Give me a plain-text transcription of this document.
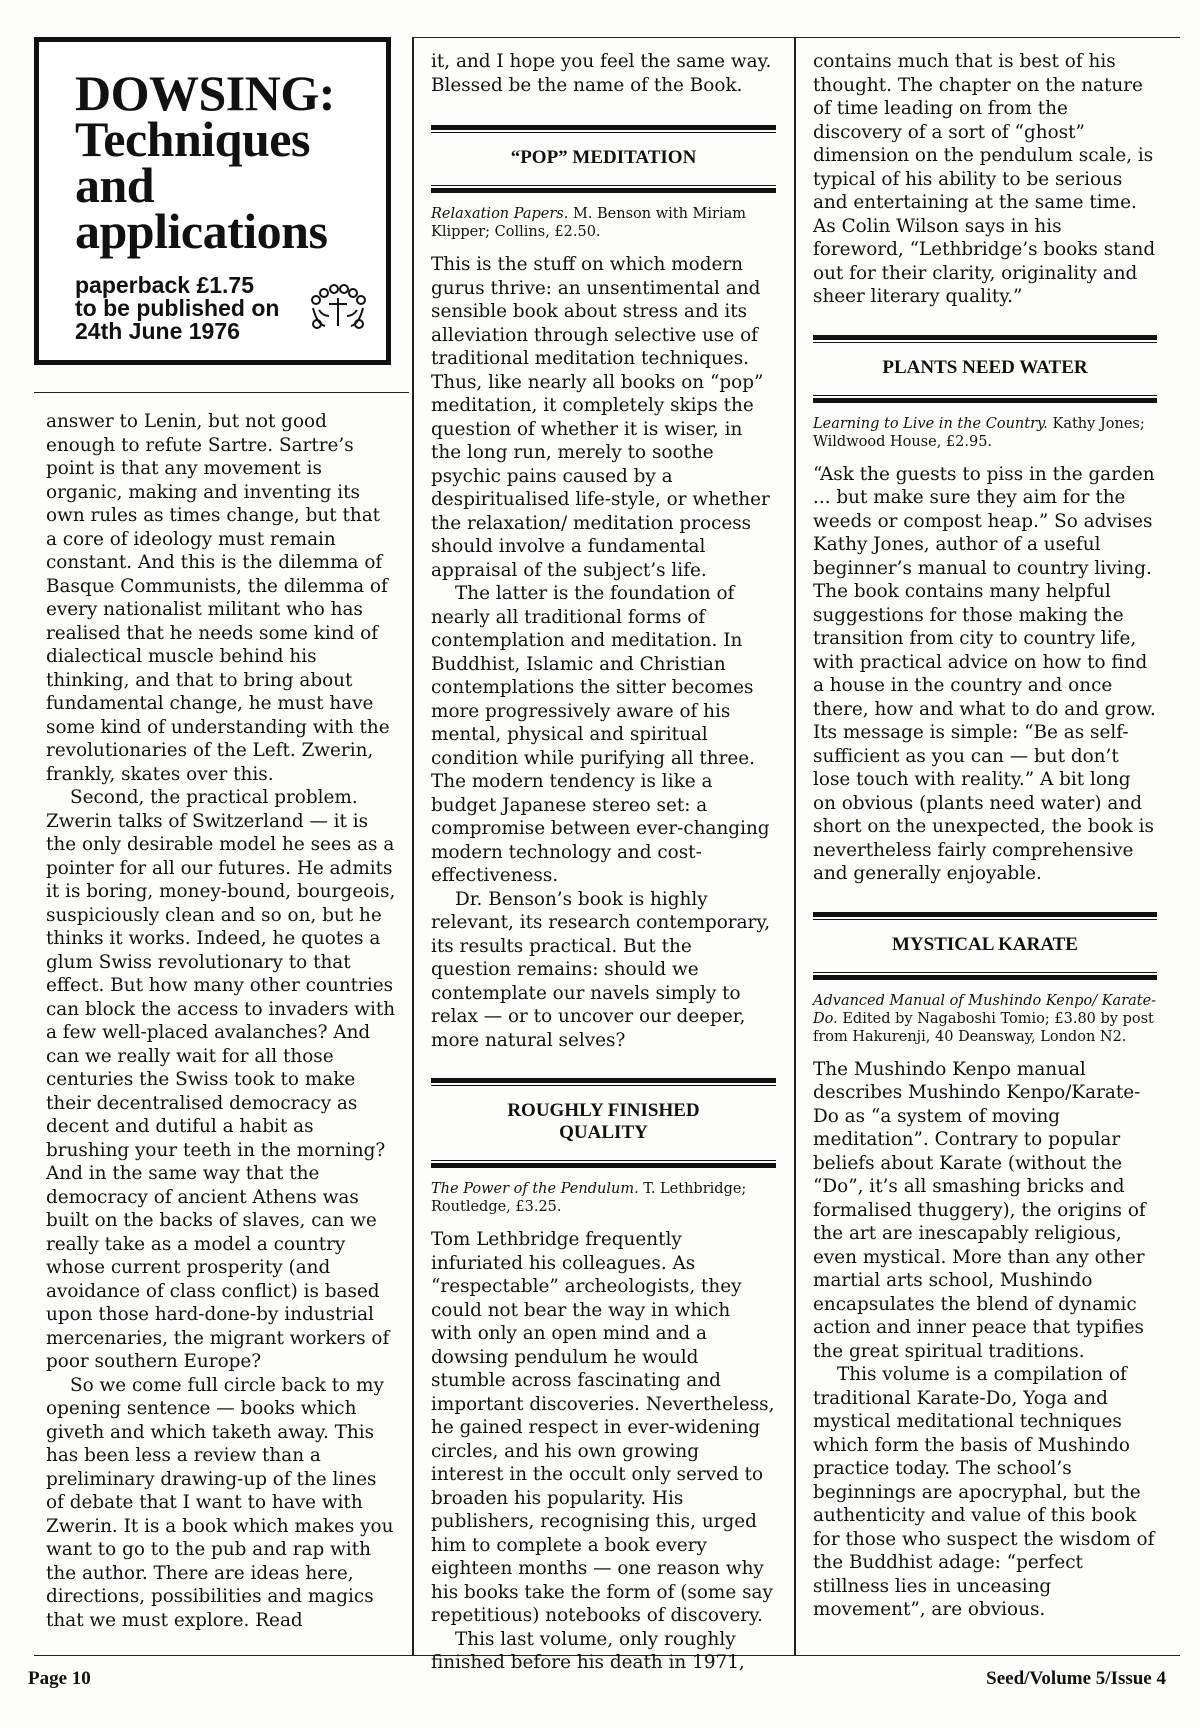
DOWSING:
Techniques
and
applications
paperback £1.75
to be published on
24th June 1976

answer to Lenin, but not good enough to refute Sartre. Sartre’s point is that any movement is organic, making and inventing its own rules as times change, but that a core of ideology must remain constant. And this is the dilemma of Basque Communists, the dilemma of every nationalist militant who has realised that he needs some kind of dialectical muscle behind his thinking, and that to bring about fundamental change, he must have some kind of understanding with the revolutionaries of the Left. Zwerin, frankly, skates over this.

Second, the practical problem. Zwerin talks of Switzerland — it is the only desirable model he sees as a pointer for all our futures. He admits it is boring, money-bound, bourgeois, suspiciously clean and so on, but he thinks it works. Indeed, he quotes a glum Swiss revolutionary to that effect. But how many other countries can block the access to invaders with a few well-placed avalanches? And can we really wait for all those centuries the Swiss took to make their decentralised democracy as decent and dutiful a habit as brushing your teeth in the morning? And in the same way that the democracy of ancient Athens was built on the backs of slaves, can we really take as a model a country whose current prosperity (and avoidance of class conflict) is based upon those hard-done-by industrial mercenaries, the migrant workers of poor southern Europe?

So we come full circle back to my opening sentence — books which giveth and which taketh away. This has been less a review than a preliminary drawing-up of the lines of debate that I want to have with Zwerin. It is a book which makes you want to go to the pub and rap with the author. There are ideas here, directions, possibilities and magics that we must explore. Read

it, and I hope you feel the same way. Blessed be the name of the Book.

“POP” MEDITATION
Relaxation Papers. M. Benson with Miriam Klipper; Collins, £2.50.

This is the stuff on which modern gurus thrive: an unsentimental and sensible book about stress and its alleviation through selective use of traditional meditation techniques. Thus, like nearly all books on “pop” meditation, it completely skips the question of whether it is wiser, in the long run, merely to soothe psychic pains caused by a despiritualised life-style, or whether the relaxation/ meditation process should involve a fundamental appraisal of the subject’s life.

The latter is the foundation of nearly all traditional forms of contemplation and meditation. In Buddhist, Islamic and Christian contemplations the sitter becomes more progressively aware of his mental, physical and spiritual condition while purifying all three. The modern tendency is like a budget Japanese stereo set: a compromise between ever-changing modern technology and cost-effectiveness.

Dr. Benson’s book is highly relevant, its research contemporary, its results practical. But the question remains: should we contemplate our navels simply to relax — or to uncover our deeper, more natural selves?

ROUGHLY FINISHED QUALITY
The Power of the Pendulum. T. Lethbridge; Routledge, £3.25.

Tom Lethbridge frequently infuriated his colleagues. As “respectable” archeologists, they could not bear the way in which with only an open mind and a dowsing pendulum he would stumble across fascinating and important discoveries. Nevertheless, he gained respect in ever-widening circles, and his own growing interest in the occult only served to broaden his popularity. His publishers, recognising this, urged him to complete a book every eighteen months — one reason why his books take the form of (some say repetitious) notebooks of discovery.

This last volume, only roughly finished before his death in 1971,

contains much that is best of his thought. The chapter on the nature of time leading on from the discovery of a sort of “ghost” dimension on the pendulum scale, is typical of his ability to be serious and entertaining at the same time. As Colin Wilson says in his foreword, “Lethbridge’s books stand out for their clarity, originality and sheer literary quality.”

PLANTS NEED WATER
Learning to Live in the Country. Kathy Jones; Wildwood House, £2.95.

“Ask the guests to piss in the garden ... but make sure they aim for the weeds or compost heap.” So advises Kathy Jones, author of a useful beginner’s manual to country living. The book contains many helpful suggestions for those making the transition from city to country life, with practical advice on how to find a house in the country and once there, how and what to do and grow. Its message is simple: “Be as self-sufficient as you can — but don’t lose touch with reality.” A bit long on obvious (plants need water) and short on the unexpected, the book is nevertheless fairly comprehensive and generally enjoyable.

MYSTICAL KARATE
Advanced Manual of Mushindo Kenpo/ Karate-Do. Edited by Nagaboshi Tomio; £3.80 by post from Hakurenji, 40 Deansway, London N2.

The Mushindo Kenpo manual describes Mushindo Kenpo/Karate-Do as “a system of moving meditation”. Contrary to popular beliefs about Karate (without the “Do”, it’s all smashing bricks and formalised thuggery), the origins of the art are inescapably religious, even mystical. More than any other martial arts school, Mushindo encapsulates the blend of dynamic action and inner peace that typifies the great spiritual traditions.

This volume is a compilation of traditional Karate-Do, Yoga and mystical meditational techniques which form the basis of Mushindo practice today. The school’s beginnings are apocryphal, but the authenticity and value of this book for those who suspect the wisdom of the Buddhist adage: “perfect stillness lies in unceasing movement”, are obvious.

Page 10	Seed/Volume 5/Issue 4
